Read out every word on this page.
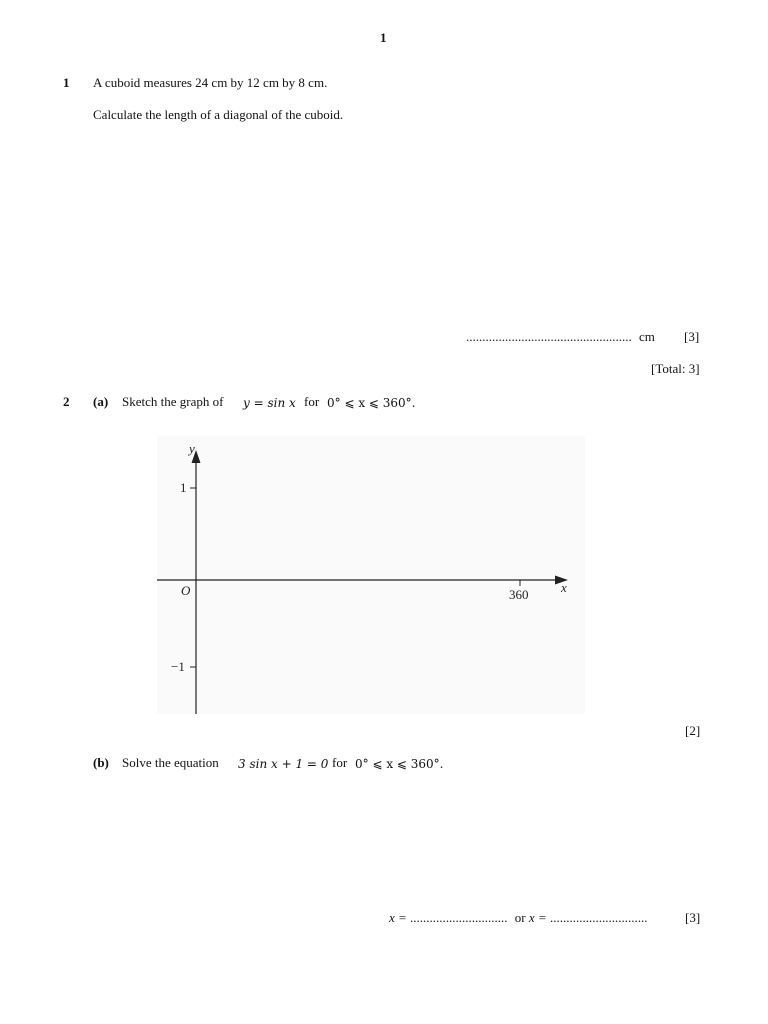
1
1 A cuboid measures 24 cm by 12 cm by 8 cm.
Calculate the length of a diagonal of the cuboid.
................................................... cm [3]
[Total: 3]
2 (a) Sketch the graph of y = sin x for 0° ⩽ x ⩽ 360°.
y
1
−1
O	360	x
[2]
(b) Solve the equation 3 sin x + 1 = 0 for 0° ⩽ x ⩽ 360°.
x = .............................. or x = ..............................	[3]
